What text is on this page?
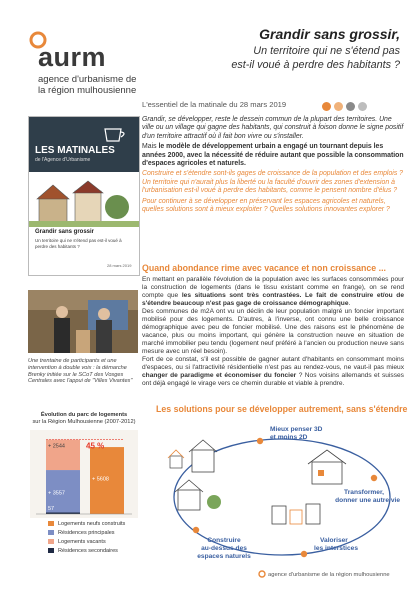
aurm
agence d'urbanisme de
la région mulhousienne
Grandir sans grossir,
Un territoire qui ne s'étend pas
est-il voué à perdre des habitants ?
L'essentiel de la matinale du 28 mars 2019
LES MATINALES
de l'Agence d'Urbanisme
Grandir sans grossir
Un territoire qui ne s'étend pas est-il voué à perdre des habitants ?
28 mars 2019

Grandir, se développer, reste le dessein commun de la plupart des territoires. Une ville ou un village qui gagne des habitants, qui construit à foison donne le signe positif d'un territoire attractif où il fait bon vivre ou s'installer.

Mais le modèle de développement urbain a engagé un tournant depuis les années 2000, avec la nécessité de réduire autant que possible la consommation d'espaces agricoles et naturels.

Construire et s'étendre sont-ils gages de croissance de la population et des emplois ? Un territoire qui n'aurait plus la liberté ou la faculté d'ouvrir des zones d'extension à l'urbanisation est-il voué à perdre des habitants, comme le pensent nombre d'élus ?

Pour continuer à se développer en préservant les espaces agricoles et naturels, quelles solutions sont à mieux exploiter ? Quelles solutions innovantes explorer ?

Quand abondance rime avec vacance et non croissance ...

En mettant en parallèle l'évolution de la population avec les surfaces consommées pour la construction de logements (dans le tissu existant comme en frange), on se rend compte que les situations sont très contrastées. Le fait de construire et/ou de s'étendre beaucoup n'est pas gage de croissance démographique.

Des communes de m2A ont vu un déclin de leur population malgré un foncier important mobilisé pour des logements. D'autres, à l'inverse, ont connu une belle croissance démographique avec peu de foncier mobilisé. Une des raisons est le phénomène de vacance, plus ou moins important, qui génère la construction neuve en situation de marché immobilier peu tendu (logement neuf préféré à l'ancien ou production neuve sans mesure avec un réel besoin).

Fort de ce constat, s'il est possible de gagner autant d'habitants en consommant moins d'espaces, ou si l'attractivité résidentielle n'est pas au rendez-vous, ne vaut-il pas mieux changer de paradigme et économiser du foncier ? Nos voisins allemands et suisses ont déjà engagé le virage vers ce chemin durable et viable à prendre.

Une trentaine de participants et une intervention à double voix : la démarche Brenky initiée sur le SCoT des Vosges Centrales avec l'appui de "Villes Vivantes"
Évolution du parc de logements
sur la Région Mulhousienne (2007-2012)
+ 2544
+ 3557
57
+ 5608
45 %
Logements neufs construits
Résidences principales
Logements vacants
Résidences secondaires
Les solutions pour se développer autrement, sans s'étendre
Mieux penser 3D
et moins 2D
Transformer,
donner une autre vie
Construire
au-dessus des
espaces naturels
Valoriser
les interstices
agence d'urbanisme de la région mulhousienne
